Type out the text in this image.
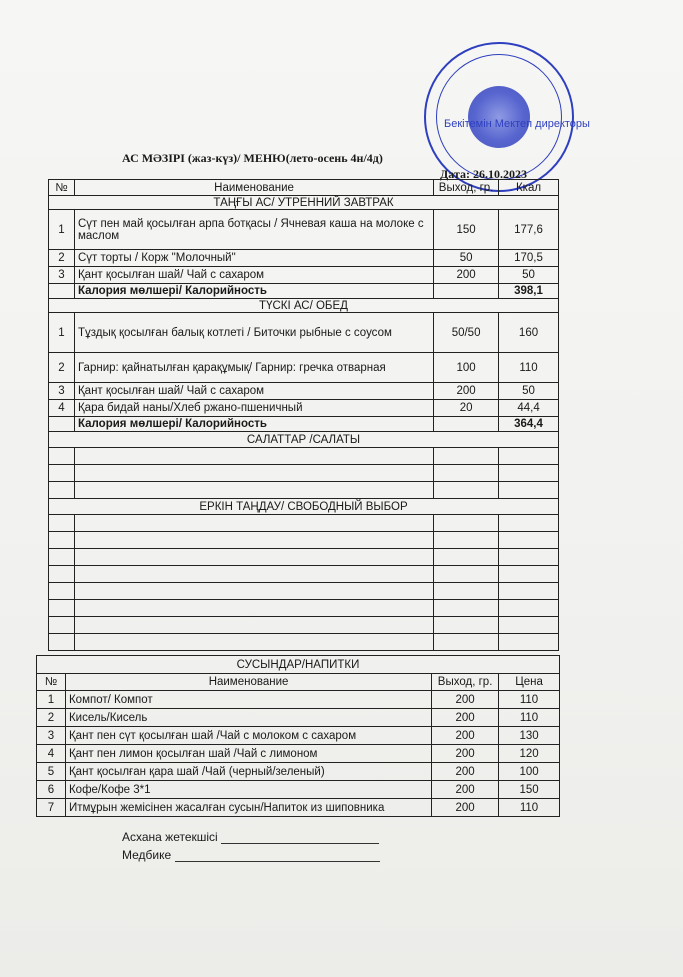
Бекітемін Мектеп директоры
АС МӘЗІРІ (жаз-күз)/ МЕНЮ(лето-осень 4н/4д)
Дата: 26.10.2023
№	Наименование	Выход, гр.	Ккал
ТАҢҒЫ АС/ УТРЕННИЙ ЗАВТРАК			
1	Сүт пен май қосылған арпа ботқасы / Ячневая каша на молоке с маслом	150	177,6
2	Сүт торты / Корж "Молочный"	50	170,5
3	Қант қосылған шай/ Чай с сахаром	200	50
	Калория мөлшері/ Калорийность		398,1
ТҮСКІ АС/ ОБЕД			
1	Тұздық қосылған балық котлеті / Биточки рыбные с соусом	50/50	160
2	Гарнир: қайнатылған қарақұмық/ Гарнир: гречка отварная	100	110
3	Қант қосылған шай/ Чай с сахаром	200	50
4	Қара бидай наны/Хлеб ржано-пшеничный	20	44,4
	Калория мөлшері/ Калорийность		364,4
САЛАТТАР /САЛАТЫ			

ЕРКІН ТАҢДАУ/ СВОБОДНЫЙ ВЫБОР			

СУСЫНДАР/НАПИТКИ			
№	Наименование	Выход, гр.	Цена
1	Компот/ Компот	200	110
2	Кисель/Кисель	200	110
3	Қант пен сүт қосылған шай /Чай с молоком с сахаром	200	130
4	Қант пен лимон қосылған шай /Чай с лимоном	200	120
5	Қант қосылған қара шай /Чай (черный/зеленый)	200	100
6	Кофе/Кофе 3*1	200	150
7	Итмұрын жемісінен жасалған сусын/Напиток из шиповника	200	110
Асхана жетекшісі
Медбике
